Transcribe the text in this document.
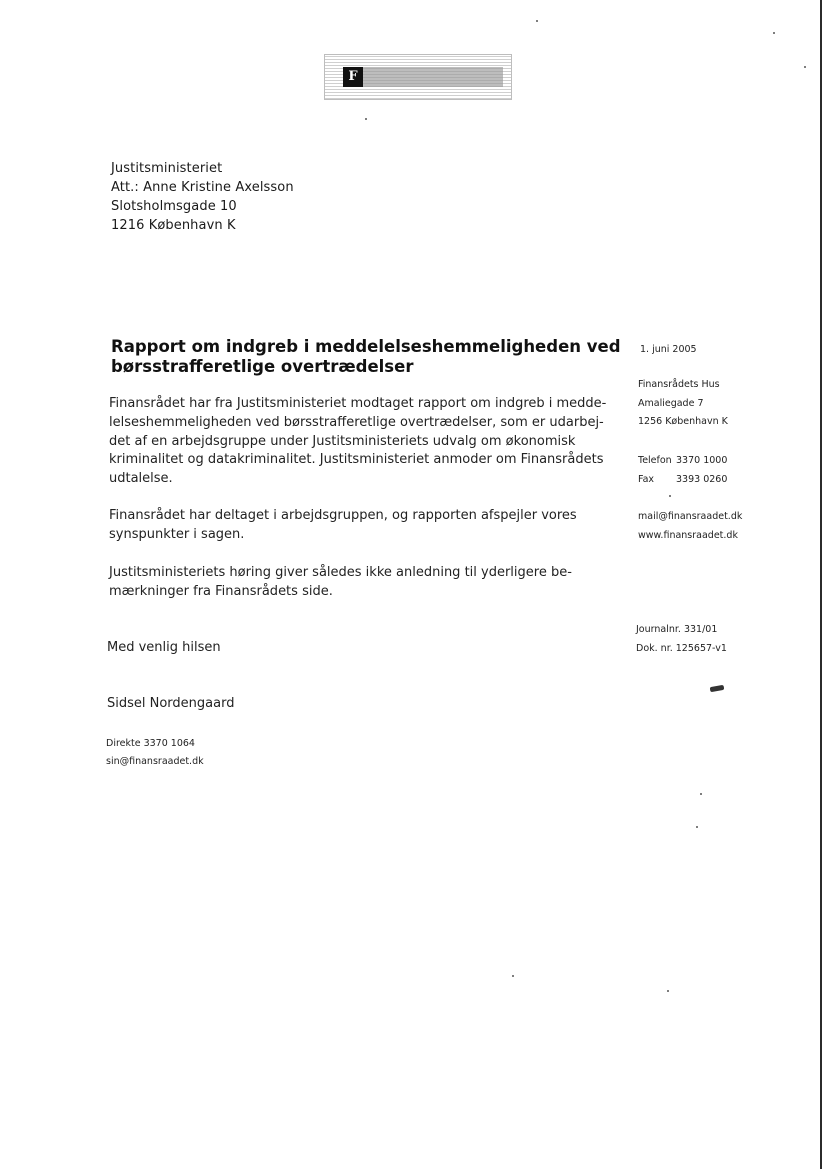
F
Justitsministeriet
Att.: Anne Kristine Axelsson
Slotsholmsgade 10
1216 København K
Rapport om indgreb i meddelelseshemmeligheden ved
børsstrafferetlige overtrædelser
Finansrådet har fra Justitsministeriet modtaget rapport om indgreb i medde-
lelseshemmeligheden ved børsstrafferetlige overtrædelser, som er udarbej-
det af en arbejdsgruppe under Justitsministeriets udvalg om økonomisk
kriminalitet og datakriminalitet. Justitsministeriet anmoder om Finansrådets
udtalelse.
Finansrådet har deltaget i arbejdsgruppen, og rapporten afspejler vores
synspunkter i sagen.
Justitsministeriets høring giver således ikke anledning til yderligere be-
mærkninger fra Finansrådets side.
Med venlig hilsen
Sidsel Nordengaard
Direkte 3370 1064
sin@finansraadet.dk
1. juni 2005
Finansrådets Hus
Amaliegade 7
1256 København K
Telefon 3370 1000
Fax 3393 0260
mail@finansraadet.dk
www.finansraadet.dk
Journalnr. 331/01
Dok. nr. 125657-v1
